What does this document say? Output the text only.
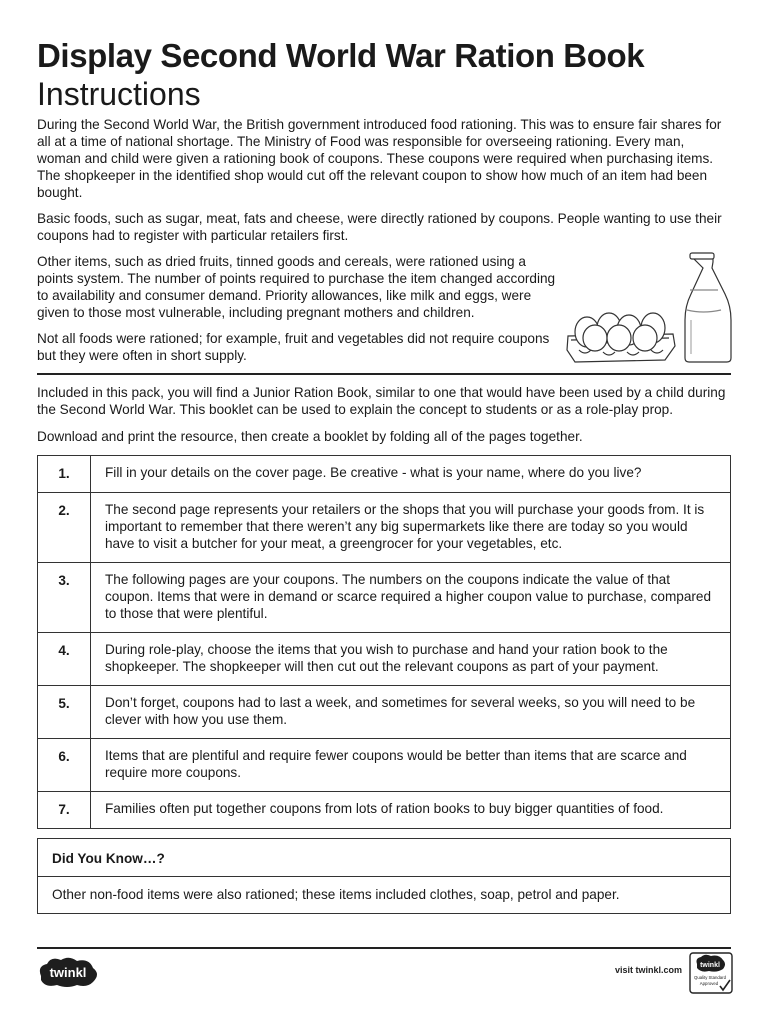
Display Second World War Ration Book
Instructions

During the Second World War, the British government introduced food rationing. This was to ensure fair shares for all at a time of national shortage. The Ministry of Food was responsible for overseeing rationing. Every man, woman and child were given a rationing book of coupons. These coupons were required when purchasing items. The shopkeeper in the identified shop would cut off the relevant coupon to show how much of an item had been bought.

Basic foods, such as sugar, meat, fats and cheese, were directly rationed by coupons. People wanting to use their coupons had to register with particular retailers first.

Other items, such as dried fruits, tinned goods and cereals, were rationed using a points system. The number of points required to purchase the item changed according to availability and consumer demand. Priority allowances, like milk and eggs, were given to those most vulnerable, including pregnant mothers and children.

Not all foods were rationed; for example, fruit and vegetables did not require coupons but they were often in short supply.

Included in this pack, you will find a Junior Ration Book, similar to one that would have been used by a child during the Second World War. This booklet can be used to explain the concept to students or as a role-play prop.

Download and print the resource, then create a booklet by folding all of the pages together.

1.	Fill in your details on the cover page. Be creative - what is your name, where do you live?
2.	The second page represents your retailers or the shops that you will purchase your goods from. It is important to remember that there weren’t any big supermarkets like there are today so you would have to visit a butcher for your meat, a greengrocer for your vegetables, etc.
3.	The following pages are your coupons. The numbers on the coupons indicate the value of that coupon. Items that were in demand or scarce required a higher coupon value to purchase, compared to those that were plentiful.
4.	During role-play, choose the items that you wish to purchase and hand your ration book to the shopkeeper. The shopkeeper will then cut out the relevant coupons as part of your payment.
5.	Don’t forget, coupons had to last a week, and sometimes for several weeks, so you will need to be clever with how you use them.
6.	Items that are plentiful and require fewer coupons would be better than items that are scarce and require more coupons.
7.	Families often put together coupons from lots of ration books to buy bigger quantities of food.
Did You Know…?
Other non-food items were also rationed; these items included clothes, soap, petrol and paper.
twinkl	visit twinkl.com	twinkl
Quality Standard
Approved
